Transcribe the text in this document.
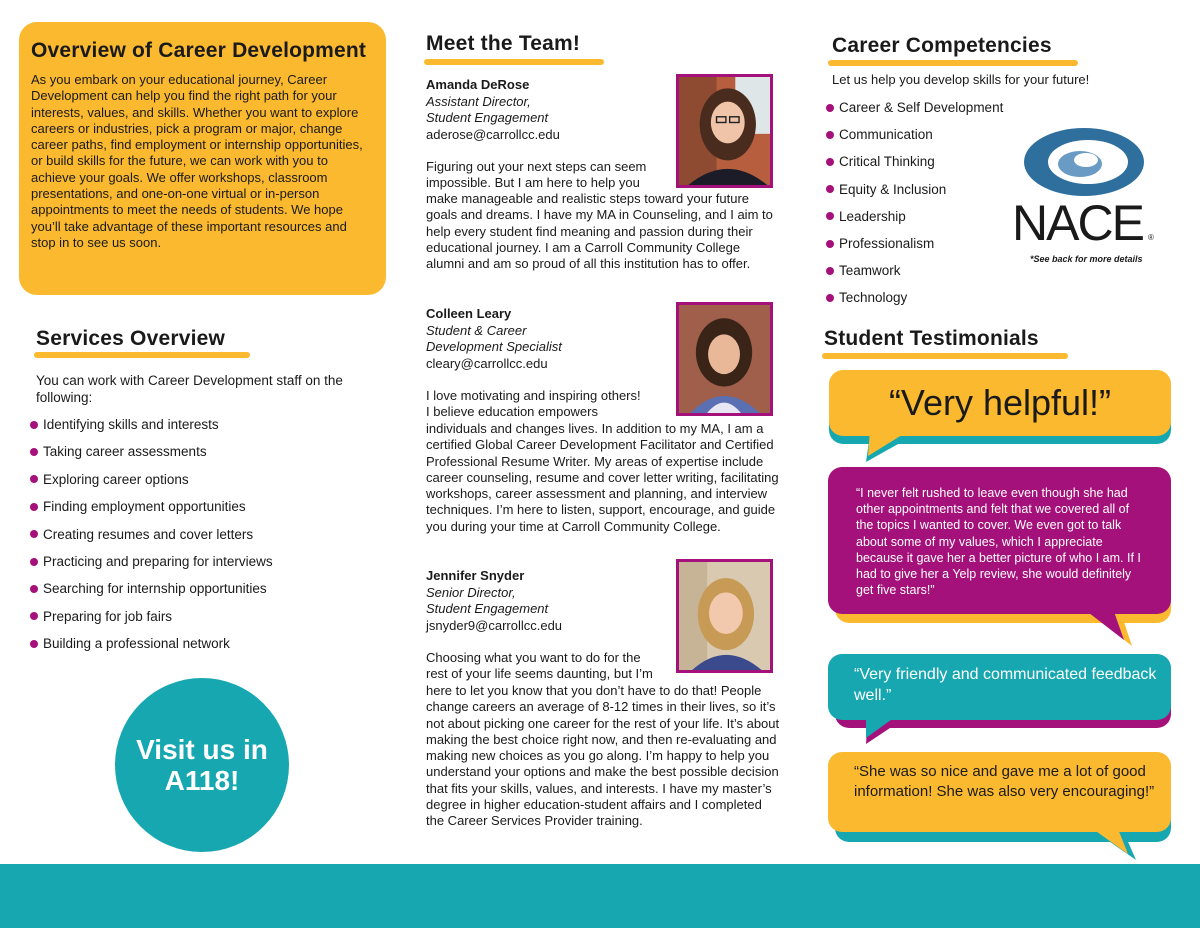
Overview of Career Development
As you embark on your educational journey, Career Development can help you find the right path for your interests, values, and skills. Whether you want to explore careers or industries, pick a program or major, change career paths, find employment or internship opportunities, or build skills for the future, we can work with you to achieve your goals. We offer workshops, classroom presentations, and one-on-one virtual or in-person appointments to meet the needs of students. We hope you’ll take advantage of these important resources and stop in to see us soon.
Services Overview
You can work with Career Development staff on the following:
Identifying skills and interests
Taking career assessments
Exploring career options
Finding employment opportunities
Creating resumes and cover letters
Practicing and preparing for interviews
Searching for internship opportunities
Preparing for job fairs
Building a professional network
Visit us in
A118!
Meet the Team!
Amanda DeRose
Assistant Director,
Student Engagement
aderose@carrollcc.edu
Figuring out your next steps can seem
impossible. But I am here to help you
make manageable and realistic steps toward your future goals and dreams. I have my MA in Counseling, and I aim to help every student find meaning and passion during their educational journey. I am a Carroll Community College alumni and am so proud of all this institution has to offer.
Colleen Leary
Student & Career
Development Specialist
cleary@carrollcc.edu
I love motivating and inspiring others!
I believe education empowers
individuals and changes lives. In addition to my MA, I am a certified Global Career Development Facilitator and Certified Professional Resume Writer. My areas of expertise include career counseling, resume and cover letter writing, facilitating workshops, career assessment and planning, and interview techniques. I’m here to listen, support, encourage, and guide you during your time at Carroll Community College.
Jennifer Snyder
Senior Director,
Student Engagement
jsnyder9@carrollcc.edu
Choosing what you want to do for the
rest of your life seems daunting, but I’m
here to let you know that you don’t have to do that! People change careers an average of 8-12 times in their lives, so it’s not about picking one career for the rest of your life. It’s about making the best choice right now, and then re-evaluating and making new choices as you go along. I’m happy to help you understand your options and make the best possible decision that fits your skills, values, and interests. I have my master’s degree in higher education-student affairs and I completed the Career Services Provider training.
Career Competencies
Let us help you develop skills for your future!
Career & Self Development
Communication
Critical Thinking
Equity & Inclusion
Leadership
Professionalism
Teamwork
Technology
NACE ®
*See back for more details
Student Testimonials
“Very helpful!”
“I never felt rushed to leave even though she had other appointments and felt that we covered all of the topics I wanted to cover. We even got to talk about some of my values, which I appreciate because it gave her a better picture of who I am. If I had to give her a Yelp review, she would definitely get five stars!”
“Very friendly and communicated feedback well.”
“She was so nice and gave me a lot of good information! She was also very encouraging!”
